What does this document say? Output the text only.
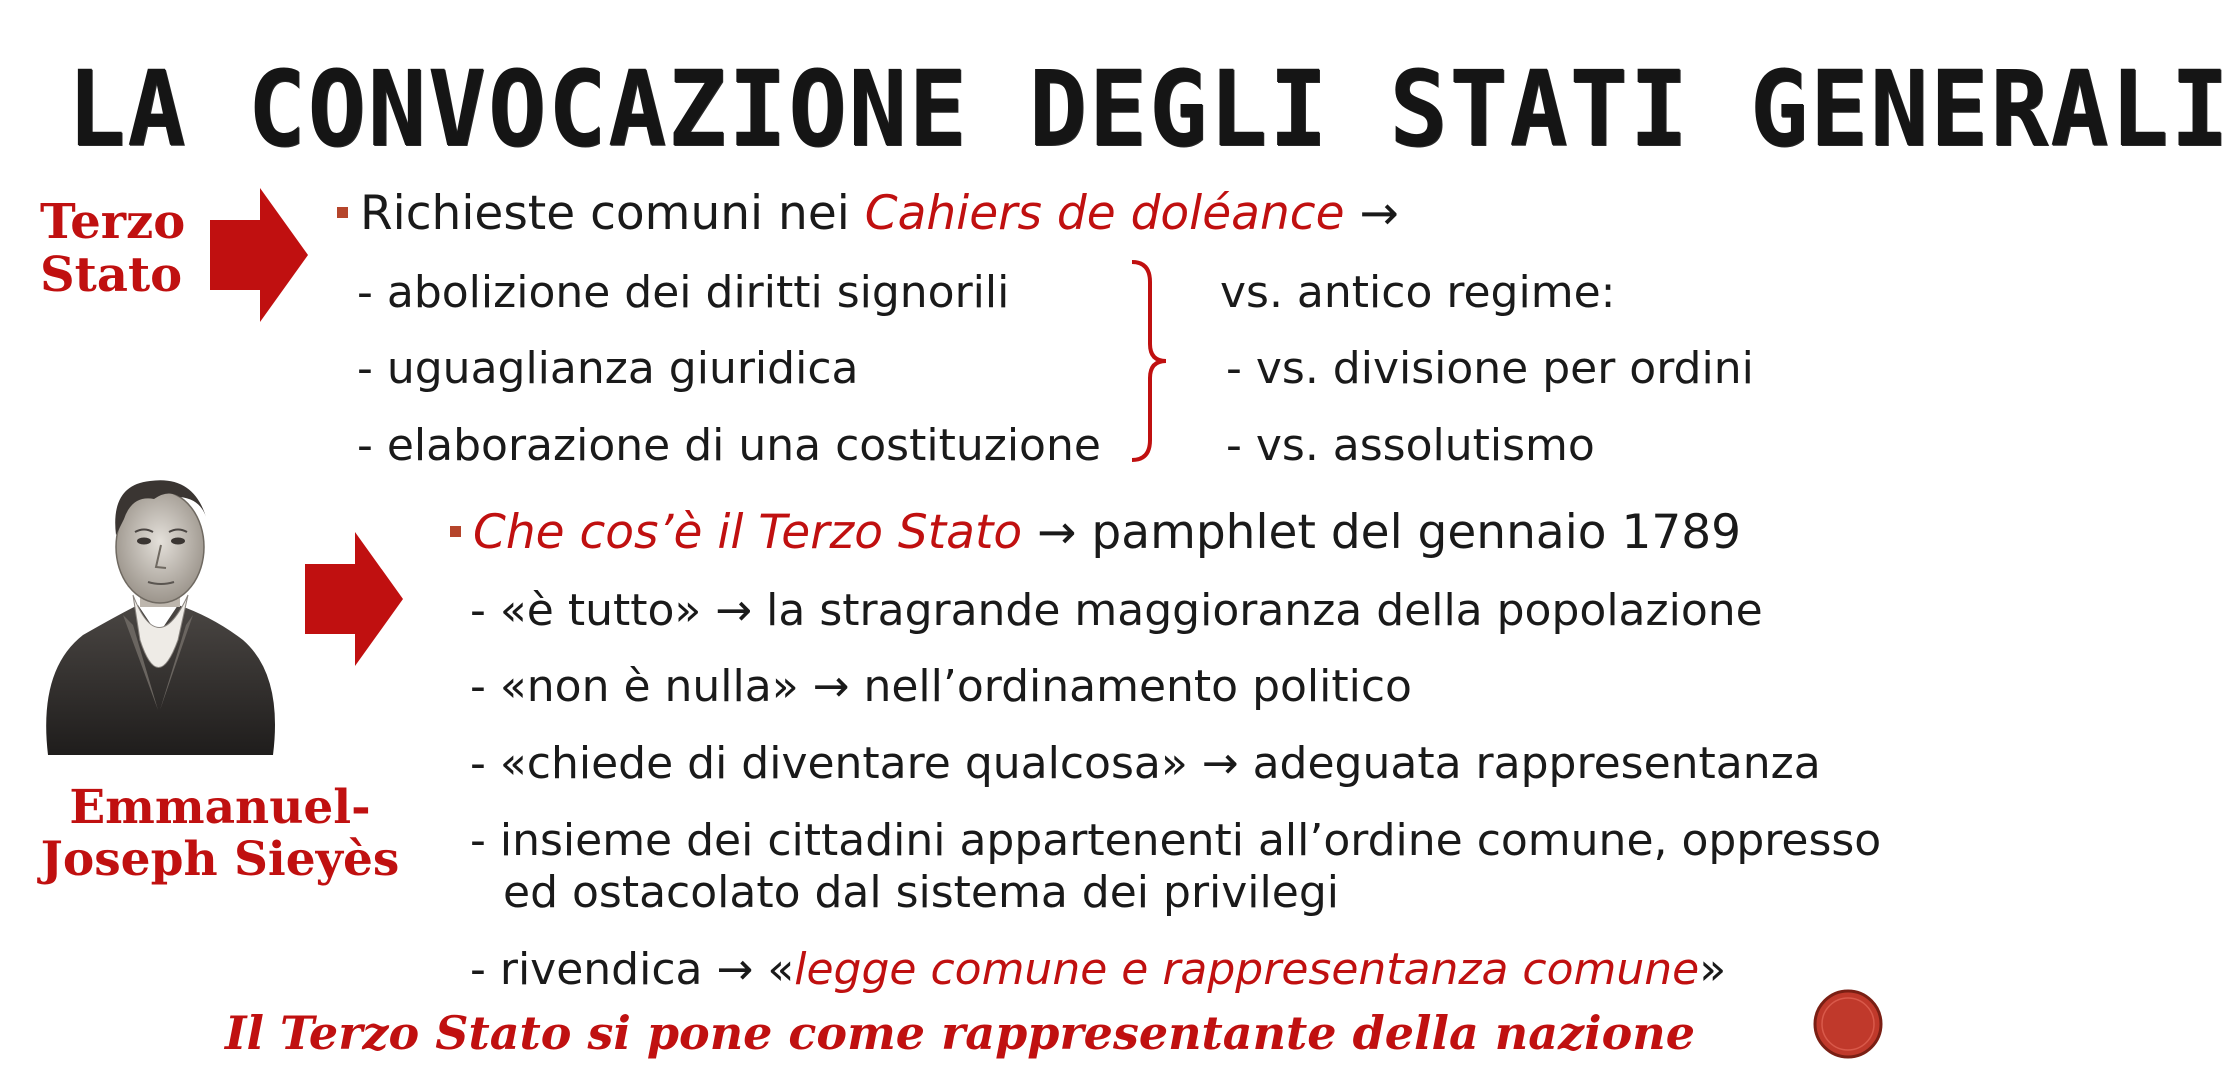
LA CONVOCAZIONE DEGLI STATI GENERALI
Terzo
Stato
Richieste comuni nei Cahiers de doléance →
- abolizione dei diritti signorili
- uguaglianza giuridica
- elaborazione di una costituzione
vs. antico regime:
- vs. divisione per ordini
- vs. assolutismo
Emmanuel-
Joseph Sieyès
Che cos’è il Terzo Stato → pamphlet del gennaio 1789
- «è tutto» → la stragrande maggioranza della popolazione
- «non è nulla» → nell’ordinamento politico
- «chiede di diventare qualcosa» → adeguata rappresentanza
- insieme dei cittadini appartenenti all’ordine comune, oppresso
ed ostacolato dal sistema dei privilegi
- rivendica → «legge comune e rappresentanza comune»
Il Terzo Stato si pone come rappresentante della nazione
